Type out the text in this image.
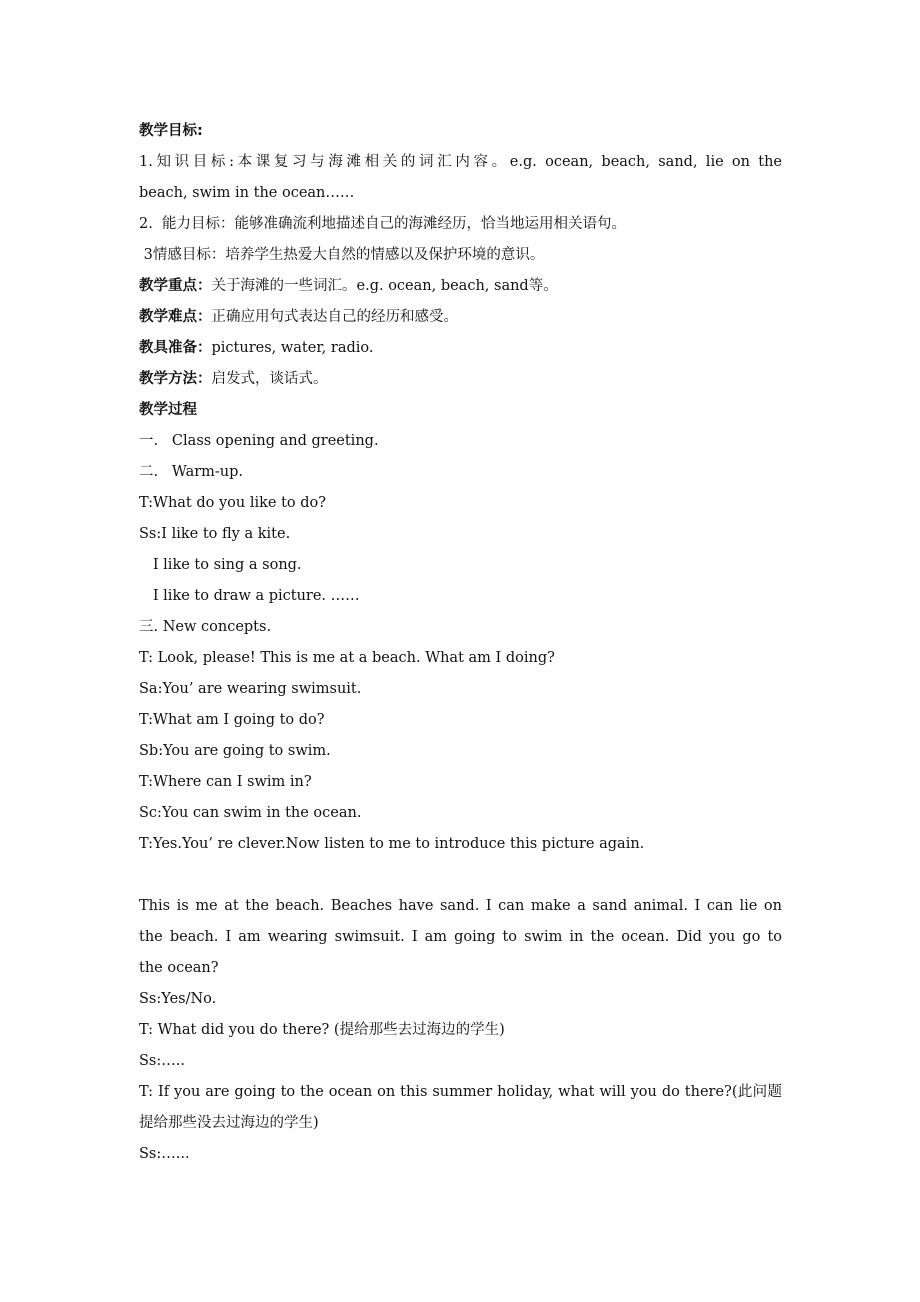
教学目标:
1.知识目标:本课复习与海滩相关的词汇内容。e.g. ocean, beach, sand, lie on the
beach, swim in the ocean……
2.  能力目标：能够准确流利地描述自己的海滩经历，恰当地运用相关语句。
3情感目标：培养学生热爱大自然的情感以及保护环境的意识。
教学重点：关于海滩的一些词汇。e.g. ocean, beach, sand等。
教学难点：正确应用句式表达自己的经历和感受。
教具准备：pictures, water, radio.
教学方法：启发式，谈话式。
教学过程
一.   Class opening and greeting.
二.   Warm-up.
T:What do you like to do?
Ss:I like to fly a kite.
I like to sing a song.
I like to draw a picture. ……
三. New concepts.
T: Look, please! This is me at a beach. What am I doing?
Sa:You’ are wearing swimsuit.
T:What am I going to do?
Sb:You are going to swim.
T:Where can I swim in?
Sc:You can swim in the ocean.
T:Yes.You’ re clever.Now listen to me to introduce this picture again.
This is me at the beach. Beaches have sand. I can make a sand animal. I can lie on
the beach. I am wearing swimsuit. I am going to swim in the ocean. Did you go to
the ocean?
Ss:Yes/No.
T: What did you do there? (提给那些去过海边的学生)
Ss:…..
T: If you are going to the ocean on this summer holiday, what will you do there?(此问题
提给那些没去过海边的学生)
Ss:…...
